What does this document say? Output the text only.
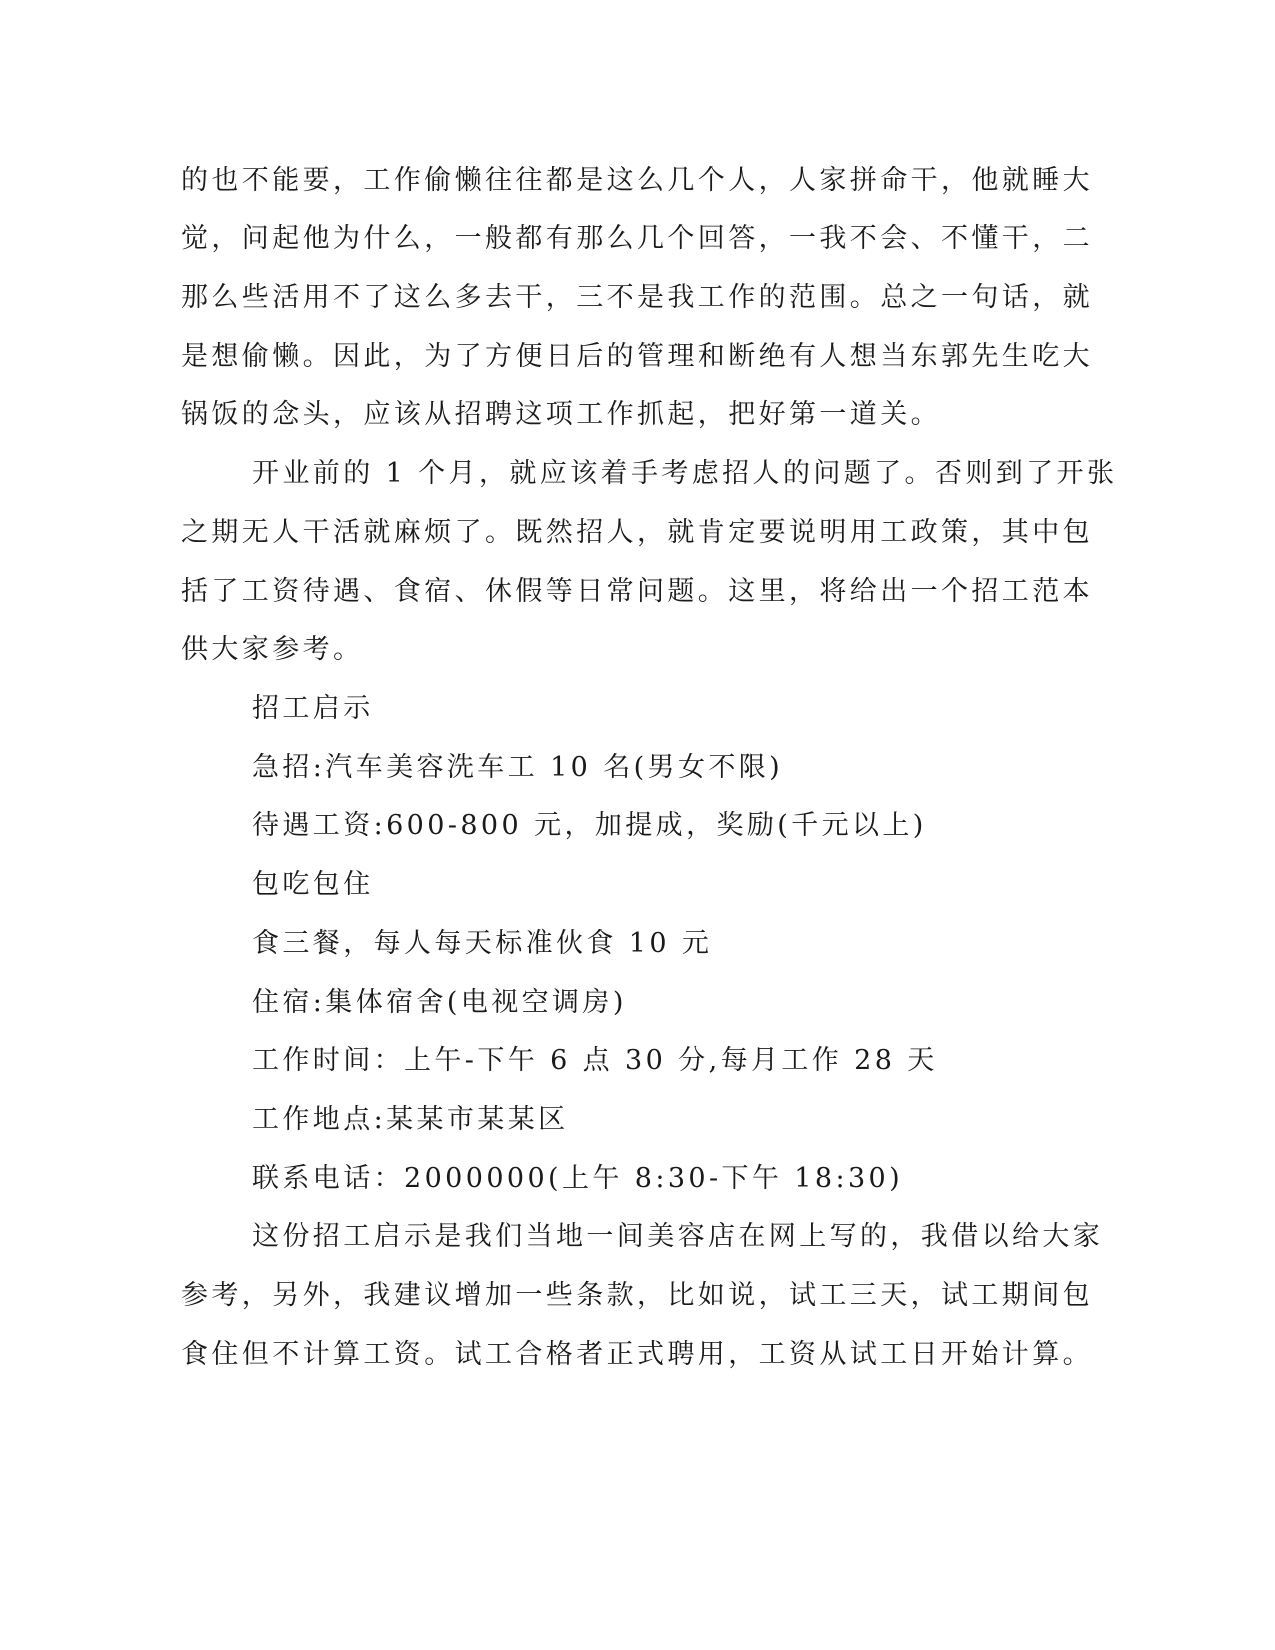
的也不能要，工作偷懒往往都是这么几个人，人家拼命干，他就睡大
觉，问起他为什么，一般都有那么几个回答，一我不会、不懂干，二
那么些活用不了这么多去干，三不是我工作的范围。总之一句话，就
是想偷懒。因此，为了方便日后的管理和断绝有人想当东郭先生吃大
锅饭的念头，应该从招聘这项工作抓起，把好第一道关。
开业前的 1 个月，就应该着手考虑招人的问题了。否则到了开张
之期无人干活就麻烦了。既然招人，就肯定要说明用工政策，其中包
括了工资待遇、食宿、休假等日常问题。这里，将给出一个招工范本
供大家参考。
招工启示
急招:汽车美容洗车工 10 名(男女不限)
待遇工资:600-800 元，加提成，奖励(千元以上)
包吃包住
食三餐，每人每天标准伙食 10 元
住宿:集体宿舍(电视空调房)
工作时间：上午-下午 6 点 30 分,每月工作 28 天
工作地点:某某市某某区
联系电话：2000000(上午 8:30-下午 18:30)
这份招工启示是我们当地一间美容店在网上写的，我借以给大家
参考，另外，我建议增加一些条款，比如说，试工三天，试工期间包
食住但不计算工资。试工合格者正式聘用，工资从试工日开始计算。
